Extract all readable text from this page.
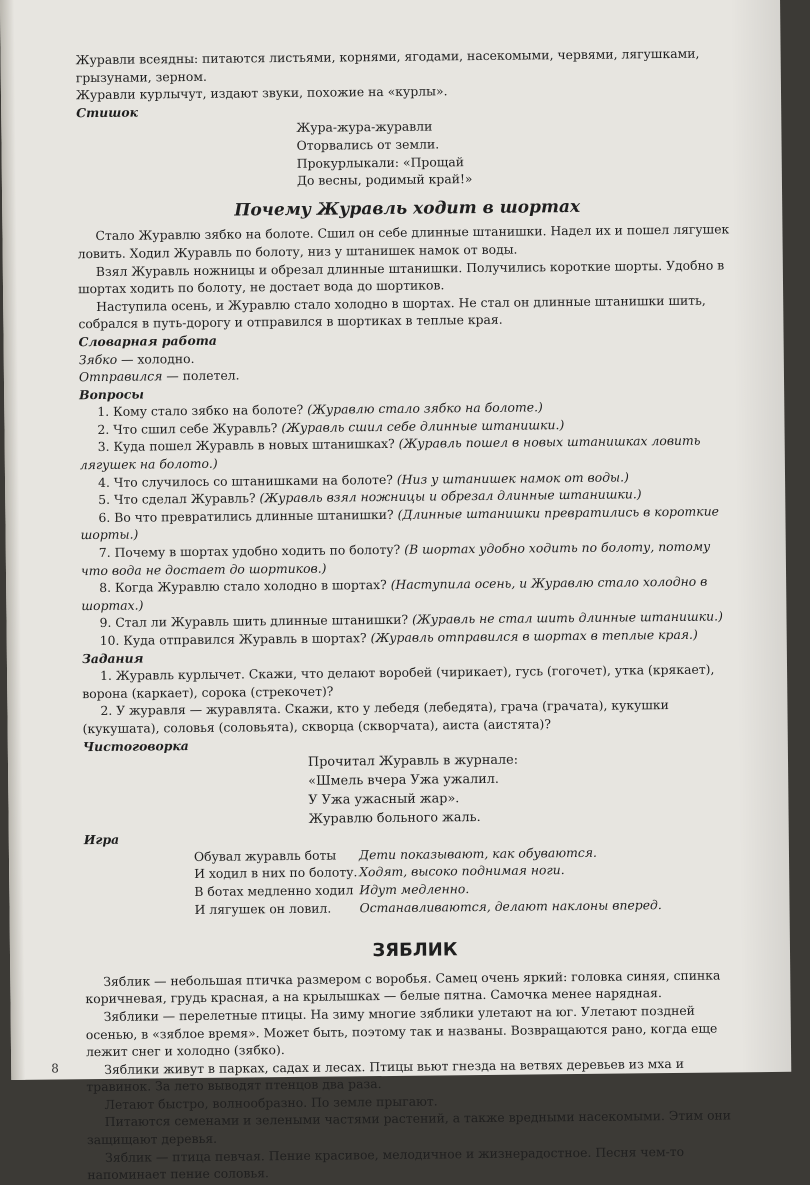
Журавли всеядны: питаются листьями, корнями, ягодами, насекомыми, червями, лягушками, грызунами, зерном.

Журавли курлычут, издают звуки, похожие на «курлы».

Стишок

Жура-жура-журавли

Оторвались от земли.

Прокурлыкали: «Прощай

До весны, родимый край!»

Почему Журавль ходит в шортах

Стало Журавлю зябко на болоте. Сшил он себе длинные штанишки. Надел их и пошел лягушек ловить. Ходил Журавль по болоту, низ у штанишек намок от воды.

Взял Журавль ножницы и обрезал длинные штанишки. Получились короткие шорты. Удобно в шортах ходить по болоту, не достает вода до шортиков.

Наступила осень, и Журавлю стало холодно в шортах. Не стал он длинные штанишки шить, собрался в путь-дорогу и отправился в шортиках в теплые края.

Словарная работа

Зябко — холодно.

Отправился — полетел.

Вопросы

1. Кому стало зябко на болоте? (Журавлю стало зябко на болоте.)

2. Что сшил себе Журавль? (Журавль сшил себе длинные штанишки.)

3. Куда пошел Журавль в новых штанишках? (Журавль пошел в новых штанишках ловить лягушек на болото.)

4. Что случилось со штанишками на болоте? (Низ у штанишек намок от воды.)

5. Что сделал Журавль? (Журавль взял ножницы и обрезал длинные штанишки.)

6. Во что превратились длинные штанишки? (Длинные штанишки превратились в короткие шорты.)

7. Почему в шортах удобно ходить по болоту? (В шортах удобно ходить по болоту, потому что вода не достает до шортиков.)

8. Когда Журавлю стало холодно в шортах? (Наступила осень, и Журавлю стало холодно в шортах.)

9. Стал ли Журавль шить длинные штанишки? (Журавль не стал шить длинные штанишки.)

10. Куда отправился Журавль в шортах? (Журавль отправился в шортах в теплые края.)

Задания

1. Журавль курлычет. Скажи, что делают воробей (чирикает), гусь (гогочет), утка (крякает), ворона (каркает), сорока (стрекочет)?

2. У журавля — журавлята. Скажи, кто у лебедя (лебедята), грача (грачата), кукушки (кукушата), соловья (соловьята), скворца (скворчата), аиста (аистята)?

Чистоговорка

Прочитал Журавль в журнале:

«Шмель вчера Ужа ужалил.

У Ужа ужасный жар».

Журавлю больного жаль.

Игра

Обувал журавль боты	Дети показывают, как обуваются.
И ходил в них по болоту. Ходят, высоко поднимая ноги.
В ботах медленно ходил Идут медленно.
И лягушек он ловил.	Останавливаются, делают наклоны вперед.

ЗЯБЛИК

Зяблик — небольшая птичка размером с воробья. Самец очень яркий: головка синяя, спинка коричневая, грудь красная, а на крылышках — белые пятна. Самочка менее нарядная.

Зяблики — перелетные птицы. На зиму многие зяблики улетают на юг. Улетают поздней осенью, в «зяблое время». Может быть, поэтому так и названы. Возвращаются рано, когда еще лежит снег и холодно (зябко).

Зяблики живут в парках, садах и лесах. Птицы вьют гнезда на ветвях деревьев из мха и травинок. За лето выводят птенцов два раза.

Летают быстро, волнообразно. По земле прыгают.

Питаются семенами и зелеными частями растений, а также вредными насекомыми. Этим они защищают деревья.

Зяблик — птица певчая. Пение красивое, мелодичное и жизнерадостное. Песня чем-то напоминает пение соловья.

8
